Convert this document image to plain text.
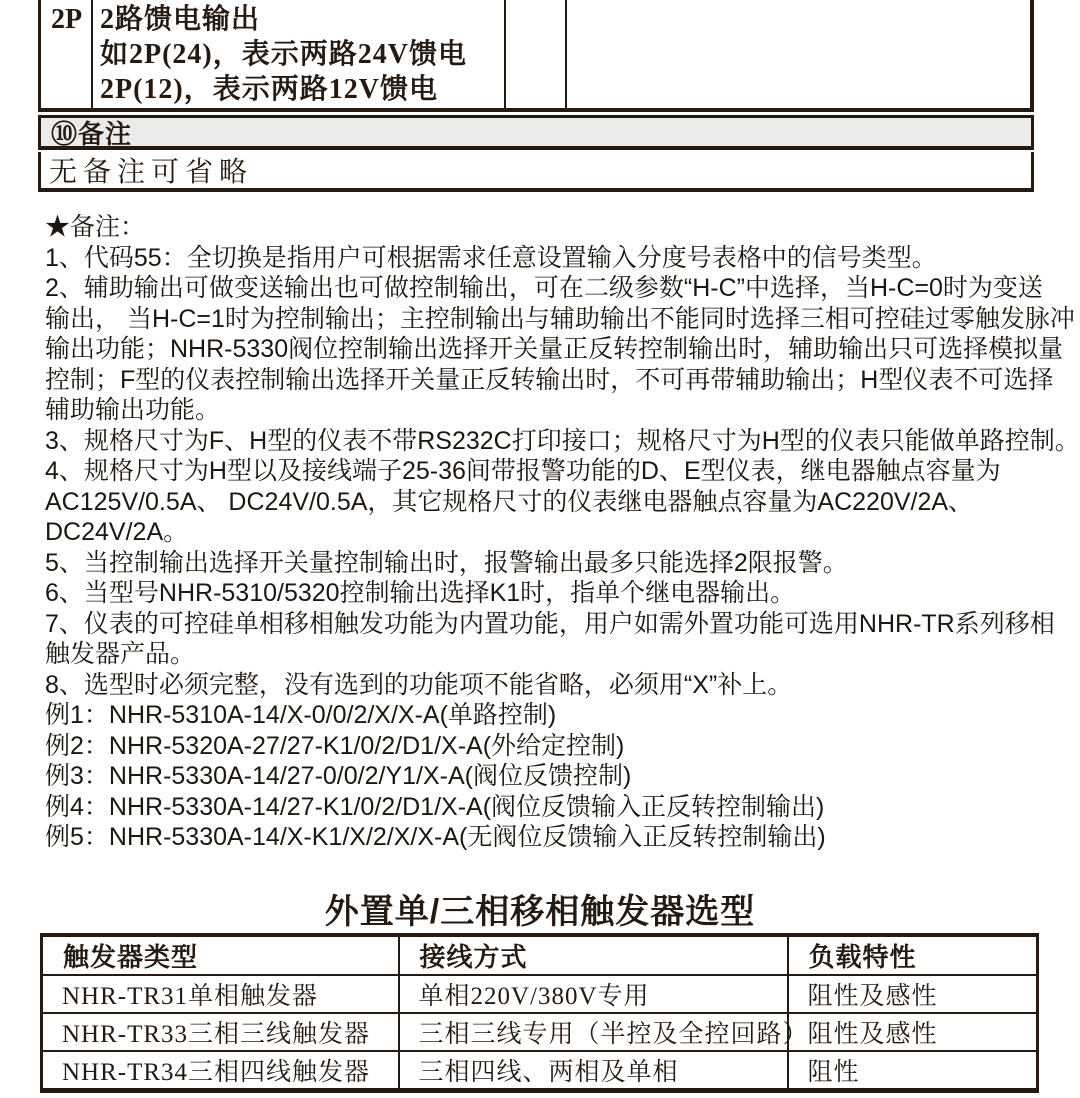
2P 2路馈电输出
如2P(24)，表示两路24V馈电
2P(12)，表示两路12V馈电
⑩备注
无备注可省略
★备注：
1、代码55：全切换是指用户可根据需求任意设置输入分度号表格中的信号类型。
2、辅助输出可做变送输出也可做控制输出，可在二级参数“H-C”中选择，当H-C=0时为变送
输出， 当H-C=1时为控制输出；主控制输出与辅助输出不能同时选择三相可控硅过零触发脉冲
输出功能；NHR-5330阀位控制输出选择开关量正反转控制输出时，辅助输出只可选择模拟量
控制；F型的仪表控制输出选择开关量正反转输出时，不可再带辅助输出；H型仪表不可选择
辅助输出功能。
3、规格尺寸为F、H型的仪表不带RS232C打印接口；规格尺寸为H型的仪表只能做单路控制。
4、规格尺寸为H型以及接线端子25-36间带报警功能的D、E型仪表，继电器触点容量为
AC125V/0.5A、 DC24V/0.5A，其它规格尺寸的仪表继电器触点容量为AC220V/2A、
DC24V/2A。
5、当控制输出选择开关量控制输出时，报警输出最多只能选择2限报警。
6、当型号NHR-5310/5320控制输出选择K1时，指单个继电器输出。
7、仪表的可控硅单相移相触发功能为内置功能，用户如需外置功能可选用NHR-TR系列移相
触发器产品。
8、选型时必须完整，没有选到的功能项不能省略，必须用“X”补上。
例1：NHR-5310A-14/X-0/0/2/X/X-A(单路控制)
例2：NHR-5320A-27/27-K1/0/2/D1/X-A(外给定控制)
例3：NHR-5330A-14/27-0/0/2/Y1/X-A(阀位反馈控制)
例4：NHR-5330A-14/27-K1/0/2/D1/X-A(阀位反馈输入正反转控制输出)
例5：NHR-5330A-14/X-K1/X/2/X/X-A(无阀位反馈输入正反转控制输出)
外置单/三相移相触发器选型
触发器类型	接线方式	负载特性
NHR-TR31单相触发器	单相220V/380V专用	阻性及感性
NHR-TR33三相三线触发器	三相三线专用（半控及全控回路）	阻性及感性
NHR-TR34三相四线触发器	三相四线、两相及单相	阻性
